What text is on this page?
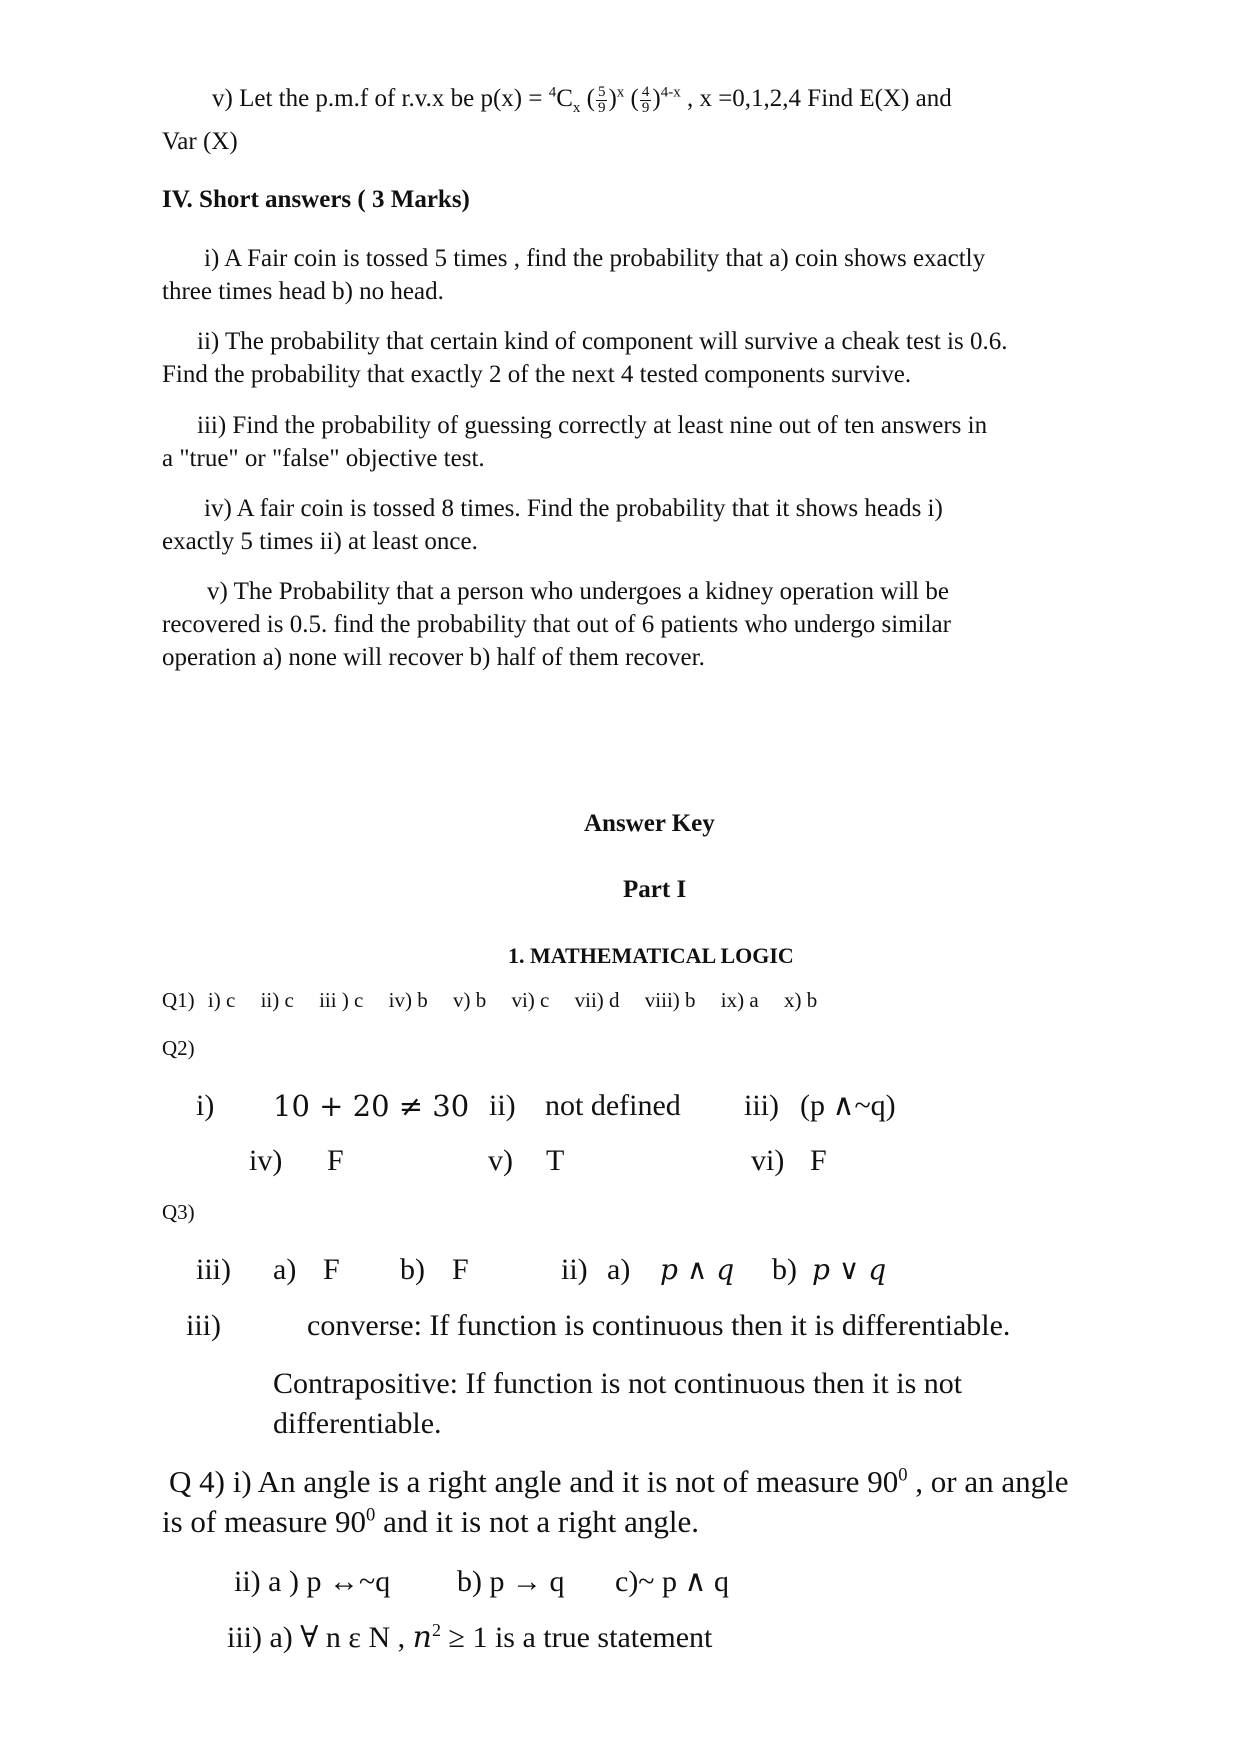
v) Let the p.m.f of r.v.x be $p(x) = ^4C_x$ ( $\frac{5}{9} )^x$ ( $\frac{4}{9} )^{4-x}$ , x =0,1,2,4 Find E(X) and
Var (X)
IV. Short answers ( 3 Marks)
i) A Fair coin is tossed 5 times , find the probability that a) coin shows exactly
three times head b) no head.
ii) The probability that certain kind of component will survive a cheak test is 0.6.
Find the probability that exactly 2 of the next 4 tested components survive.
iii) Find the probability of guessing correctly at least nine out of ten answers in
a "true" or "false" objective test.
iv) A fair coin is tossed 8 times. Find the probability that it shows heads i)
exactly 5 times ii) at least once.
v) The Probability that a person who undergoes a kidney operation will be
recovered is 0.5. find the probability that out of 6 patients who undergo similar
operation a) none will recover b) half of them recover.
Answer Key
Part I
1. MATHEMATICAL LOGIC
Q1) i) c ii) c iii ) c iv) b v) b vi) c vii) d viii) b ix) a x) b
Q2)
i) 10 + 20 ≠ 30 ii) not defined iii) (p ∧~q)
iv) F	v) T	vi) F
Q3)
iii) a) F b) F	ii) a) p ∧ q b) p ∨ q
iii)	converse: If function is continuous then it is differentiable.
Contrapositive: If function is not continuous then it is not
differentiable.
Q 4) i) An angle is a right angle and it is not of measure $90^0$ , or an angle
is of measure $90^0$ and it is not a right angle.
ii) a ) p ↔~q b) p → q c)~ p ∧ q
iii) a) ∀ n ε N , $n^2 \ge 1$ is a true statement
